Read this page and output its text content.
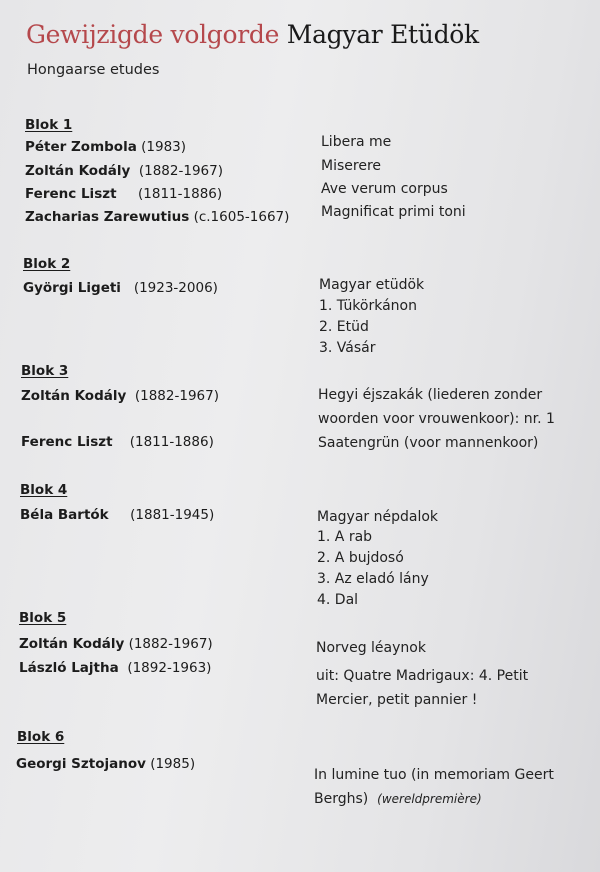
Gewijzigde volgorde Magyar Etüdök
Hongaarse etudes
Blok 1
Péter Zombola (1983)
Zoltán Kodály (1882-1967)
Ferenc Liszt (1811-1886)
Zacharias Zarewutius (c.1605-1667)
Libera me
Miserere
Ave verum corpus
Magnificat primi toni
Blok 2
Györgi Ligeti (1923-2006)	Magyar etüdök
1. Tükörkánon
2. Etüd
3. Vásár
Blok 3
Zoltán Kodály (1882-1967)
Ferenc Liszt (1811-1886)
Hegyi éjszakák (liederen zonder
woorden voor vrouwenkoor): nr. 1
Saatengrün (voor mannenkoor)
Blok 4
Béla Bartók (1881-1945)	Magyar népdalok
1. A rab
2. A bujdosó
3. Az eladó lány
4. Dal
Blok 5
Zoltán Kodály (1882-1967)
László Lajtha (1892-1963)
Norveg léaynok
uit: Quatre Madrigaux: 4. Petit
Mercier, petit pannier !
Blok 6
Georgi Sztojanov (1985)
In lumine tuo (in memoriam Geert
Berghs) (wereldpremière)
